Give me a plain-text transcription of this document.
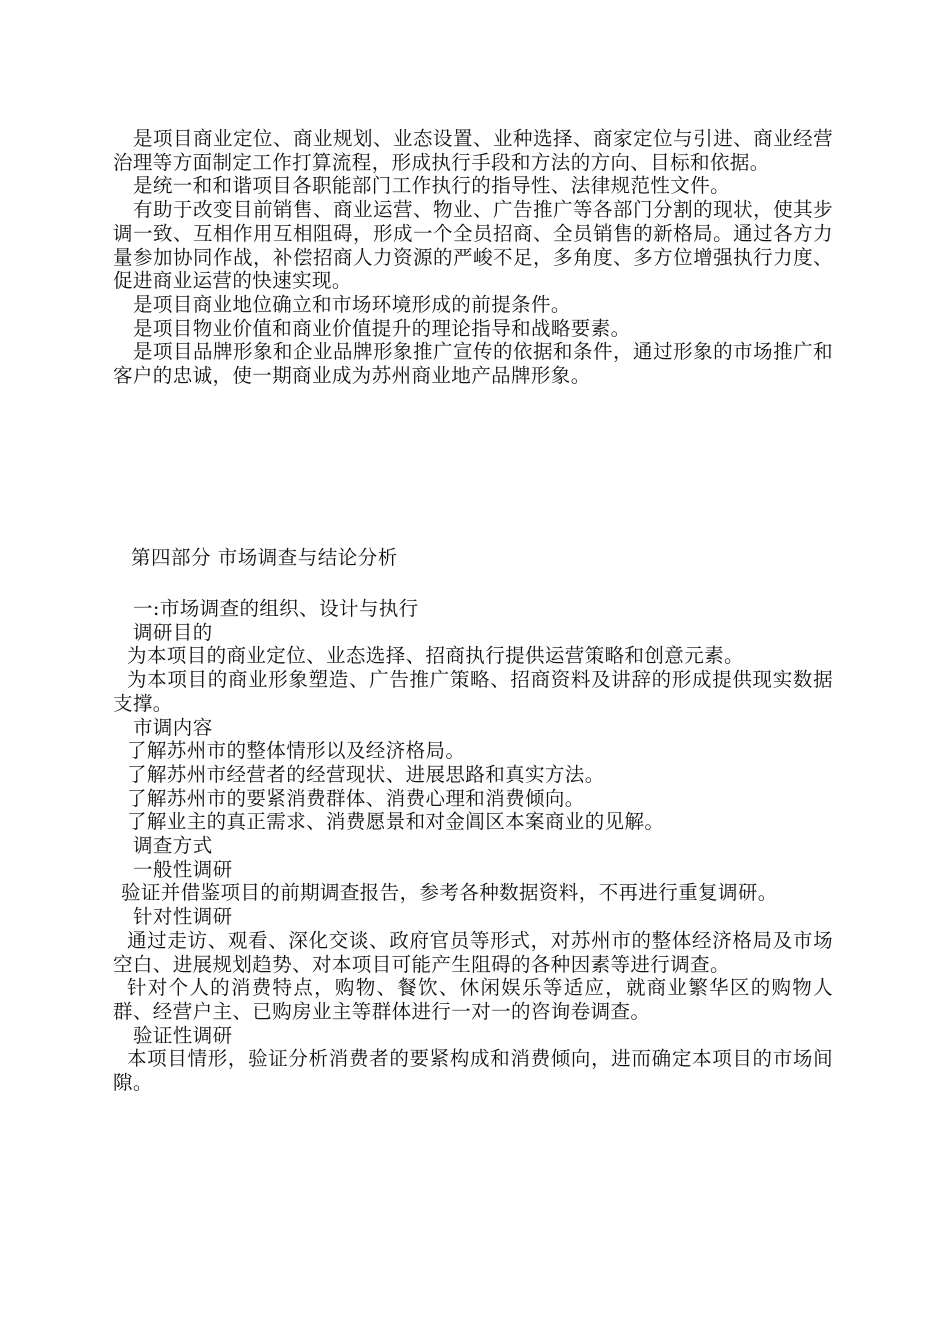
是项目商业定位、商业规划、业态设置、业种选择、商家定位与引进、商业经营治理等方面制定工作打算流程，形成执行手段和方法的方向、目标和依据。

是统一和和谐项目各职能部门工作执行的指导性、法律规范性文件。

有助于改变目前销售、商业运营、物业、广告推广等各部门分割的现状，使其步调一致、互相作用互相阻碍，形成一个全员招商、全员销售的新格局。通过各方力量参加协同作战，补偿招商人力资源的严峻不足，多角度、多方位增强执行力度、促进商业运营的快速实现。

是项目商业地位确立和市场环境形成的前提条件。

是项目物业价值和商业价值提升的理论指导和战略要素。

是项目品牌形象和企业品牌形象推广宣传的依据和条件，通过形象的市场推广和客户的忠诚，使一期商业成为苏州商业地产品牌形象。

第四部分 市场调查与结论分析

一:市场调查的组织、设计与执行

调研目的

为本项目的商业定位、业态选择、招商执行提供运营策略和创意元素。

为本项目的商业形象塑造、广告推广策略、招商资料及讲辞的形成提供现实数据支撑。

市调内容

了解苏州市的整体情形以及经济格局。

了解苏州市经营者的经营现状、进展思路和真实方法。

了解苏州市的要紧消费群体、消费心理和消费倾向。

了解业主的真正需求、消费愿景和对金阊区本案商业的见解。

调查方式

一般性调研

验证并借鉴项目的前期调查报告，参考各种数据资料，不再进行重复调研。

针对性调研

通过走访、观看、深化交谈、政府官员等形式，对苏州市的整体经济格局及市场空白、进展规划趋势、对本项目可能产生阻碍的各种因素等进行调查。

针对个人的消费特点，购物、餐饮、休闲娱乐等适应，就商业繁华区的购物人群、经营户主、已购房业主等群体进行一对一的咨询卷调查。

验证性调研

本项目情形，验证分析消费者的要紧构成和消费倾向，进而确定本项目的市场间隙。
